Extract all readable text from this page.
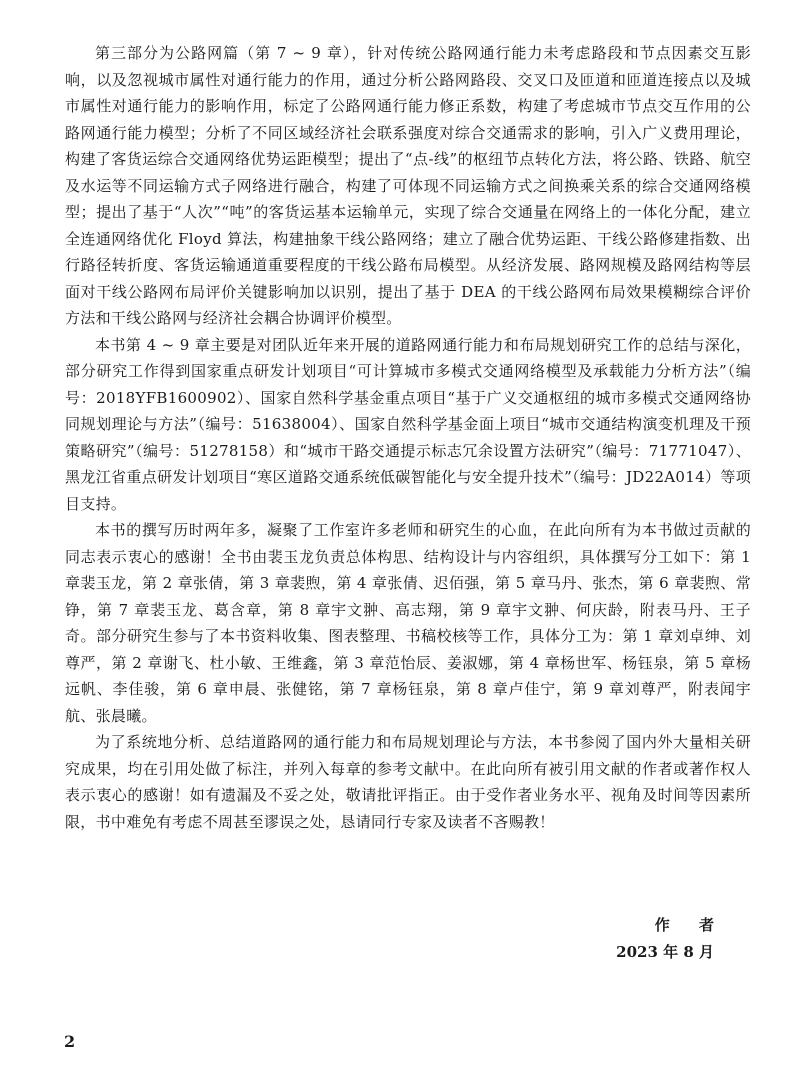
第三部分为公路网篇（第 7 ~ 9 章），针对传统公路网通行能力未考虑路段和节点因素交互影响，以及忽视城市属性对通行能力的作用，通过分析公路网路段、交叉口及匝道和匝道连接点以及城市属性对通行能力的影响作用，标定了公路网通行能力修正系数，构建了考虑城市节点交互作用的公路网通行能力模型；分析了不同区域经济社会联系强度对综合交通需求的影响，引入广义费用理论，构建了客货运综合交通网络优势运距模型；提出了“点-线”的枢纽节点转化方法，将公路、铁路、航空及水运等不同运输方式子网络进行融合，构建了可体现不同运输方式之间换乘关系的综合交通网络模型；提出了基于“人次”“吨”的客货运基本运输单元，实现了综合交通量在网络上的一体化分配，建立全连通网络优化 Floyd 算法，构建抽象干线公路网络；建立了融合优势运距、干线公路修建指数、出行路径转折度、客货运输通道重要程度的干线公路布局模型。从经济发展、路网规模及路网结构等层面对干线公路网布局评价关键影响加以识别，提出了基于 DEA 的干线公路网布局效果模糊综合评价方法和干线公路网与经济社会耦合协调评价模型。

本书第 4 ~ 9 章主要是对团队近年来开展的道路网通行能力和布局规划研究工作的总结与深化，部分研究工作得到国家重点研发计划项目“可计算城市多模式交通网络模型及承载能力分析方法”（编号：2018YFB1600902）、国家自然科学基金重点项目“基于广义交通枢纽的城市多模式交通网络协同规划理论与方法”（编号：51638004）、国家自然科学基金面上项目“城市交通结构演变机理及干预策略研究”（编号：51278158）和“城市干路交通提示标志冗余设置方法研究”（编号：71771047）、黑龙江省重点研发计划项目“寒区道路交通系统低碳智能化与安全提升技术”（编号：JD22A014）等项目支持。

本书的撰写历时两年多，凝聚了工作室许多老师和研究生的心血，在此向所有为本书做过贡献的同志表示衷心的感谢！全书由裴玉龙负责总体构思、结构设计与内容组织，具体撰写分工如下：第 1 章裴玉龙，第 2 章张倩，第 3 章裴煦，第 4 章张倩、迟佰强，第 5 章马丹、张杰，第 6 章裴煦、常铮，第 7 章裴玉龙、葛含章，第 8 章宇文翀、高志翔，第 9 章宇文翀、何庆龄，附表马丹、王子奇。部分研究生参与了本书资料收集、图表整理、书稿校核等工作，具体分工为：第 1 章刘卓绅、刘尊严，第 2 章谢飞、杜小敏、王维鑫，第 3 章范怡辰、姜淑娜，第 4 章杨世军、杨钰泉，第 5 章杨远帆、李佳骏，第 6 章申晨、张健铭，第 7 章杨钰泉，第 8 章卢佳宁，第 9 章刘尊严，附表闻宇航、张晨曦。

为了系统地分析、总结道路网的通行能力和布局规划理论与方法，本书参阅了国内外大量相关研究成果，均在引用处做了标注，并列入每章的参考文献中。在此向所有被引用文献的作者或著作权人表示衷心的感谢！如有遗漏及不妥之处，敬请批评指正。由于受作者业务水平、视角及时间等因素所限，书中难免有考虑不周甚至谬误之处，恳请同行专家及读者不吝赐教！

作 者
2023 年 8 月
2
